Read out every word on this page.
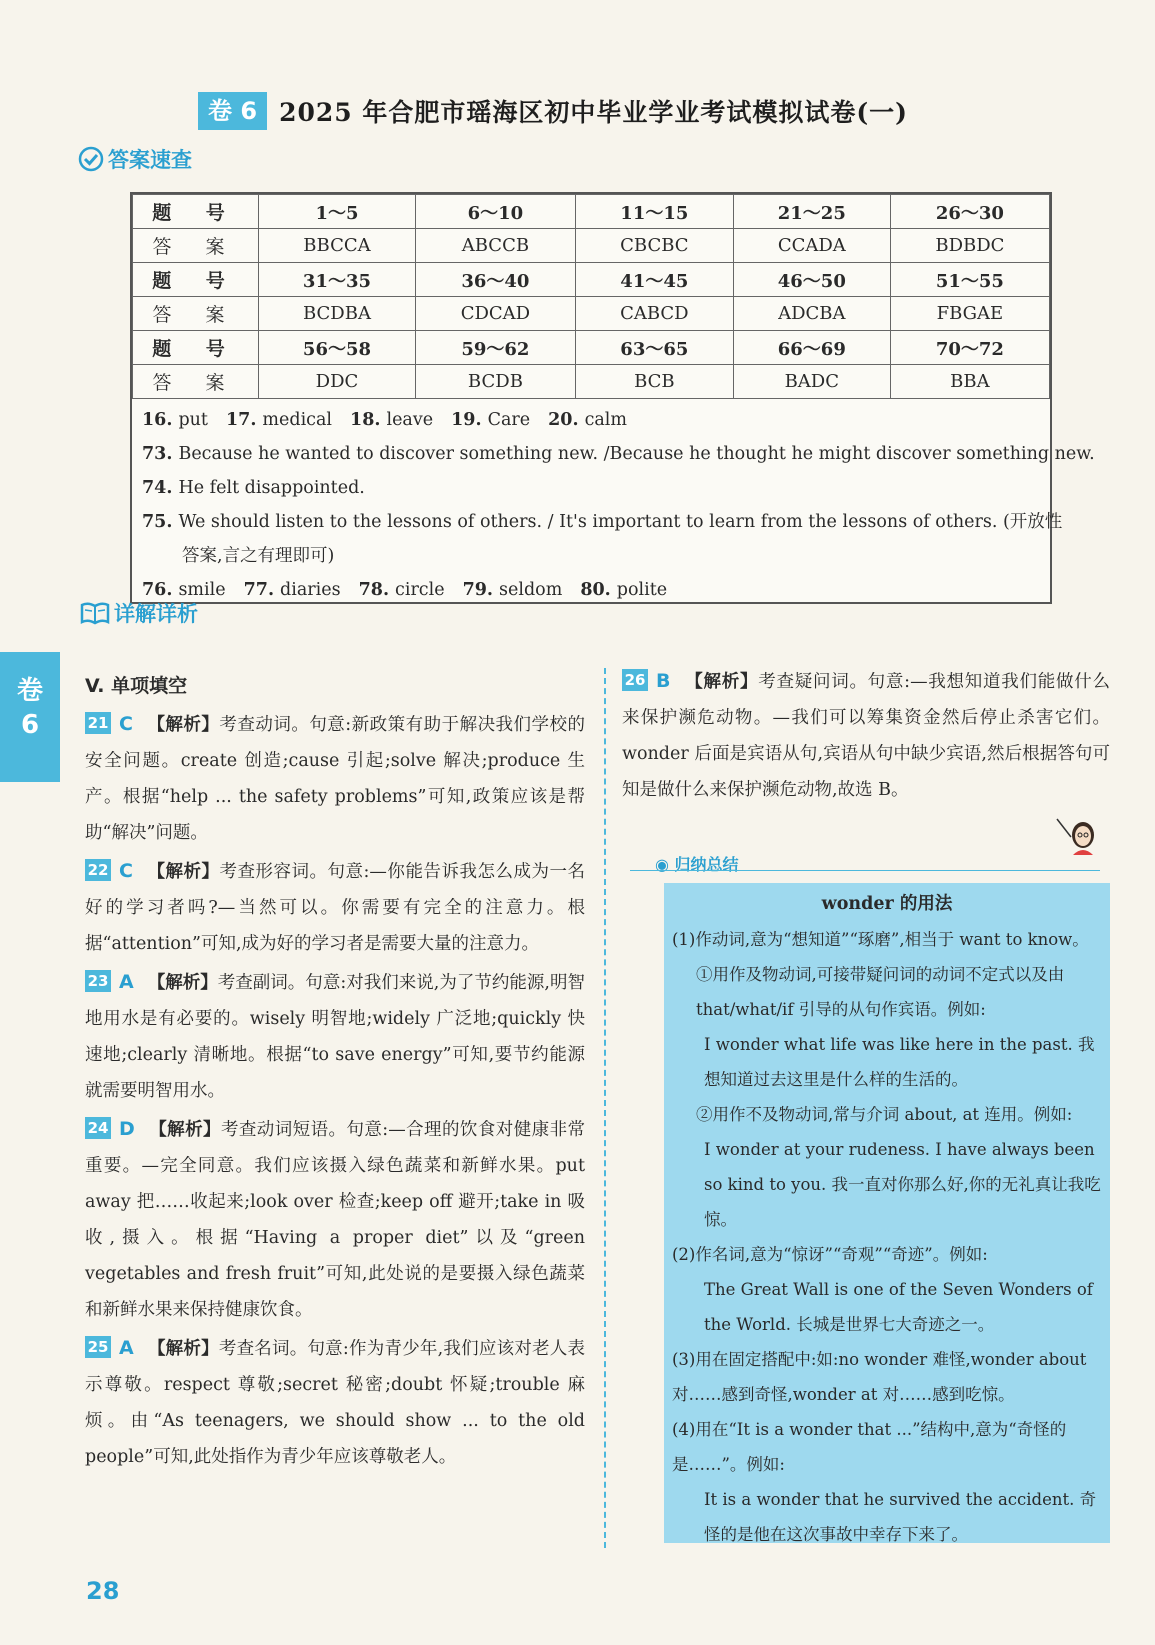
卷 6 2025 年合肥市瑶海区初中毕业学业考试模拟试卷(一)
答案速查
题 号	1～5	6～10	11～15	21～25	26～30
答 案	BBCCA	ABCCB	CBCBC	CCADA	BDBDC
题 号	31～35	36～40	41～45	46～50	51～55
答 案	BCDBA	CDCAD	CABCD	ADCBA	FBGAE
题 号	56～58	59～62	63～65	66～69	70～72
答 案	DDC	BCDB	BCB	BADC	BBA
16. put 17. medical 18. leave 19. Care 20. calm
73. Because he wanted to discover something new. /Because he thought he might discover something new.
74. He felt disappointed.
75. We should listen to the lessons of others. / It's important to learn from the lessons of others. (开放性
答案,言之有理即可)
76. smile 77. diaries 78. circle 79. seldom 80. polite
卷
6
详解详析
V. 单项填空
21 C 【解析】考查动词。句意:新政策有助于解决我们学校的安全问题。create 创造;cause 引起;solve 解决;produce 生产。根据“help ... the safety problems”可知,政策应该是帮助“解决”问题。
22 C 【解析】考查形容词。句意:—你能告诉我怎么成为一名好的学习者吗?—当然可以。你需要有完全的注意力。根据“attention”可知,成为好的学习者是需要大量的注意力。
23 A 【解析】考查副词。句意:对我们来说,为了节约能源,明智地用水是有必要的。wisely 明智地;widely 广泛地;quickly 快速地;clearly 清晰地。根据“to save energy”可知,要节约能源就需要明智用水。
24 D 【解析】考查动词短语。句意:—合理的饮食对健康非常重要。—完全同意。我们应该摄入绿色蔬菜和新鲜水果。put away 把……收起来;look over 检查;keep off 避开;take in 吸收,摄入。根据“Having a proper diet”以及“green vegetables and fresh fruit”可知,此处说的是要摄入绿色蔬菜和新鲜水果来保持健康饮食。
25 A 【解析】考查名词。句意:作为青少年,我们应该对老人表示尊敬。respect 尊敬;secret 秘密;doubt 怀疑;trouble 麻烦。由“As teenagers, we should show ... to the old people”可知,此处指作为青少年应该尊敬老人。
26 B 【解析】考查疑问词。句意:—我想知道我们能做什么来保护濒危动物。—我们可以筹集资金然后停止杀害它们。wonder 后面是宾语从句,宾语从句中缺少宾语,然后根据答句可知是做什么来保护濒危动物,故选 B。
◉ 归纳总结
wonder 的用法
(1)作动词,意为“想知道”“琢磨”,相当于 want to know。
①用作及物动词,可接带疑问词的动词不定式以及由 that/what/if 引导的从句作宾语。例如:
I wonder what life was like here in the past. 我想知道过去这里是什么样的生活的。
②用作不及物动词,常与介词 about, at 连用。例如:
I wonder at your rudeness. I have always been so kind to you. 我一直对你那么好,你的无礼真让我吃惊。
(2)作名词,意为“惊讶”“奇观”“奇迹”。例如:
The Great Wall is one of the Seven Wonders of the World. 长城是世界七大奇迹之一。
(3)用在固定搭配中:如:no wonder 难怪,wonder about 对……感到奇怪,wonder at 对……感到吃惊。
(4)用在“It is a wonder that ...”结构中,意为“奇怪的是……”。例如:
It is a wonder that he survived the accident. 奇怪的是他在这次事故中幸存下来了。
28
